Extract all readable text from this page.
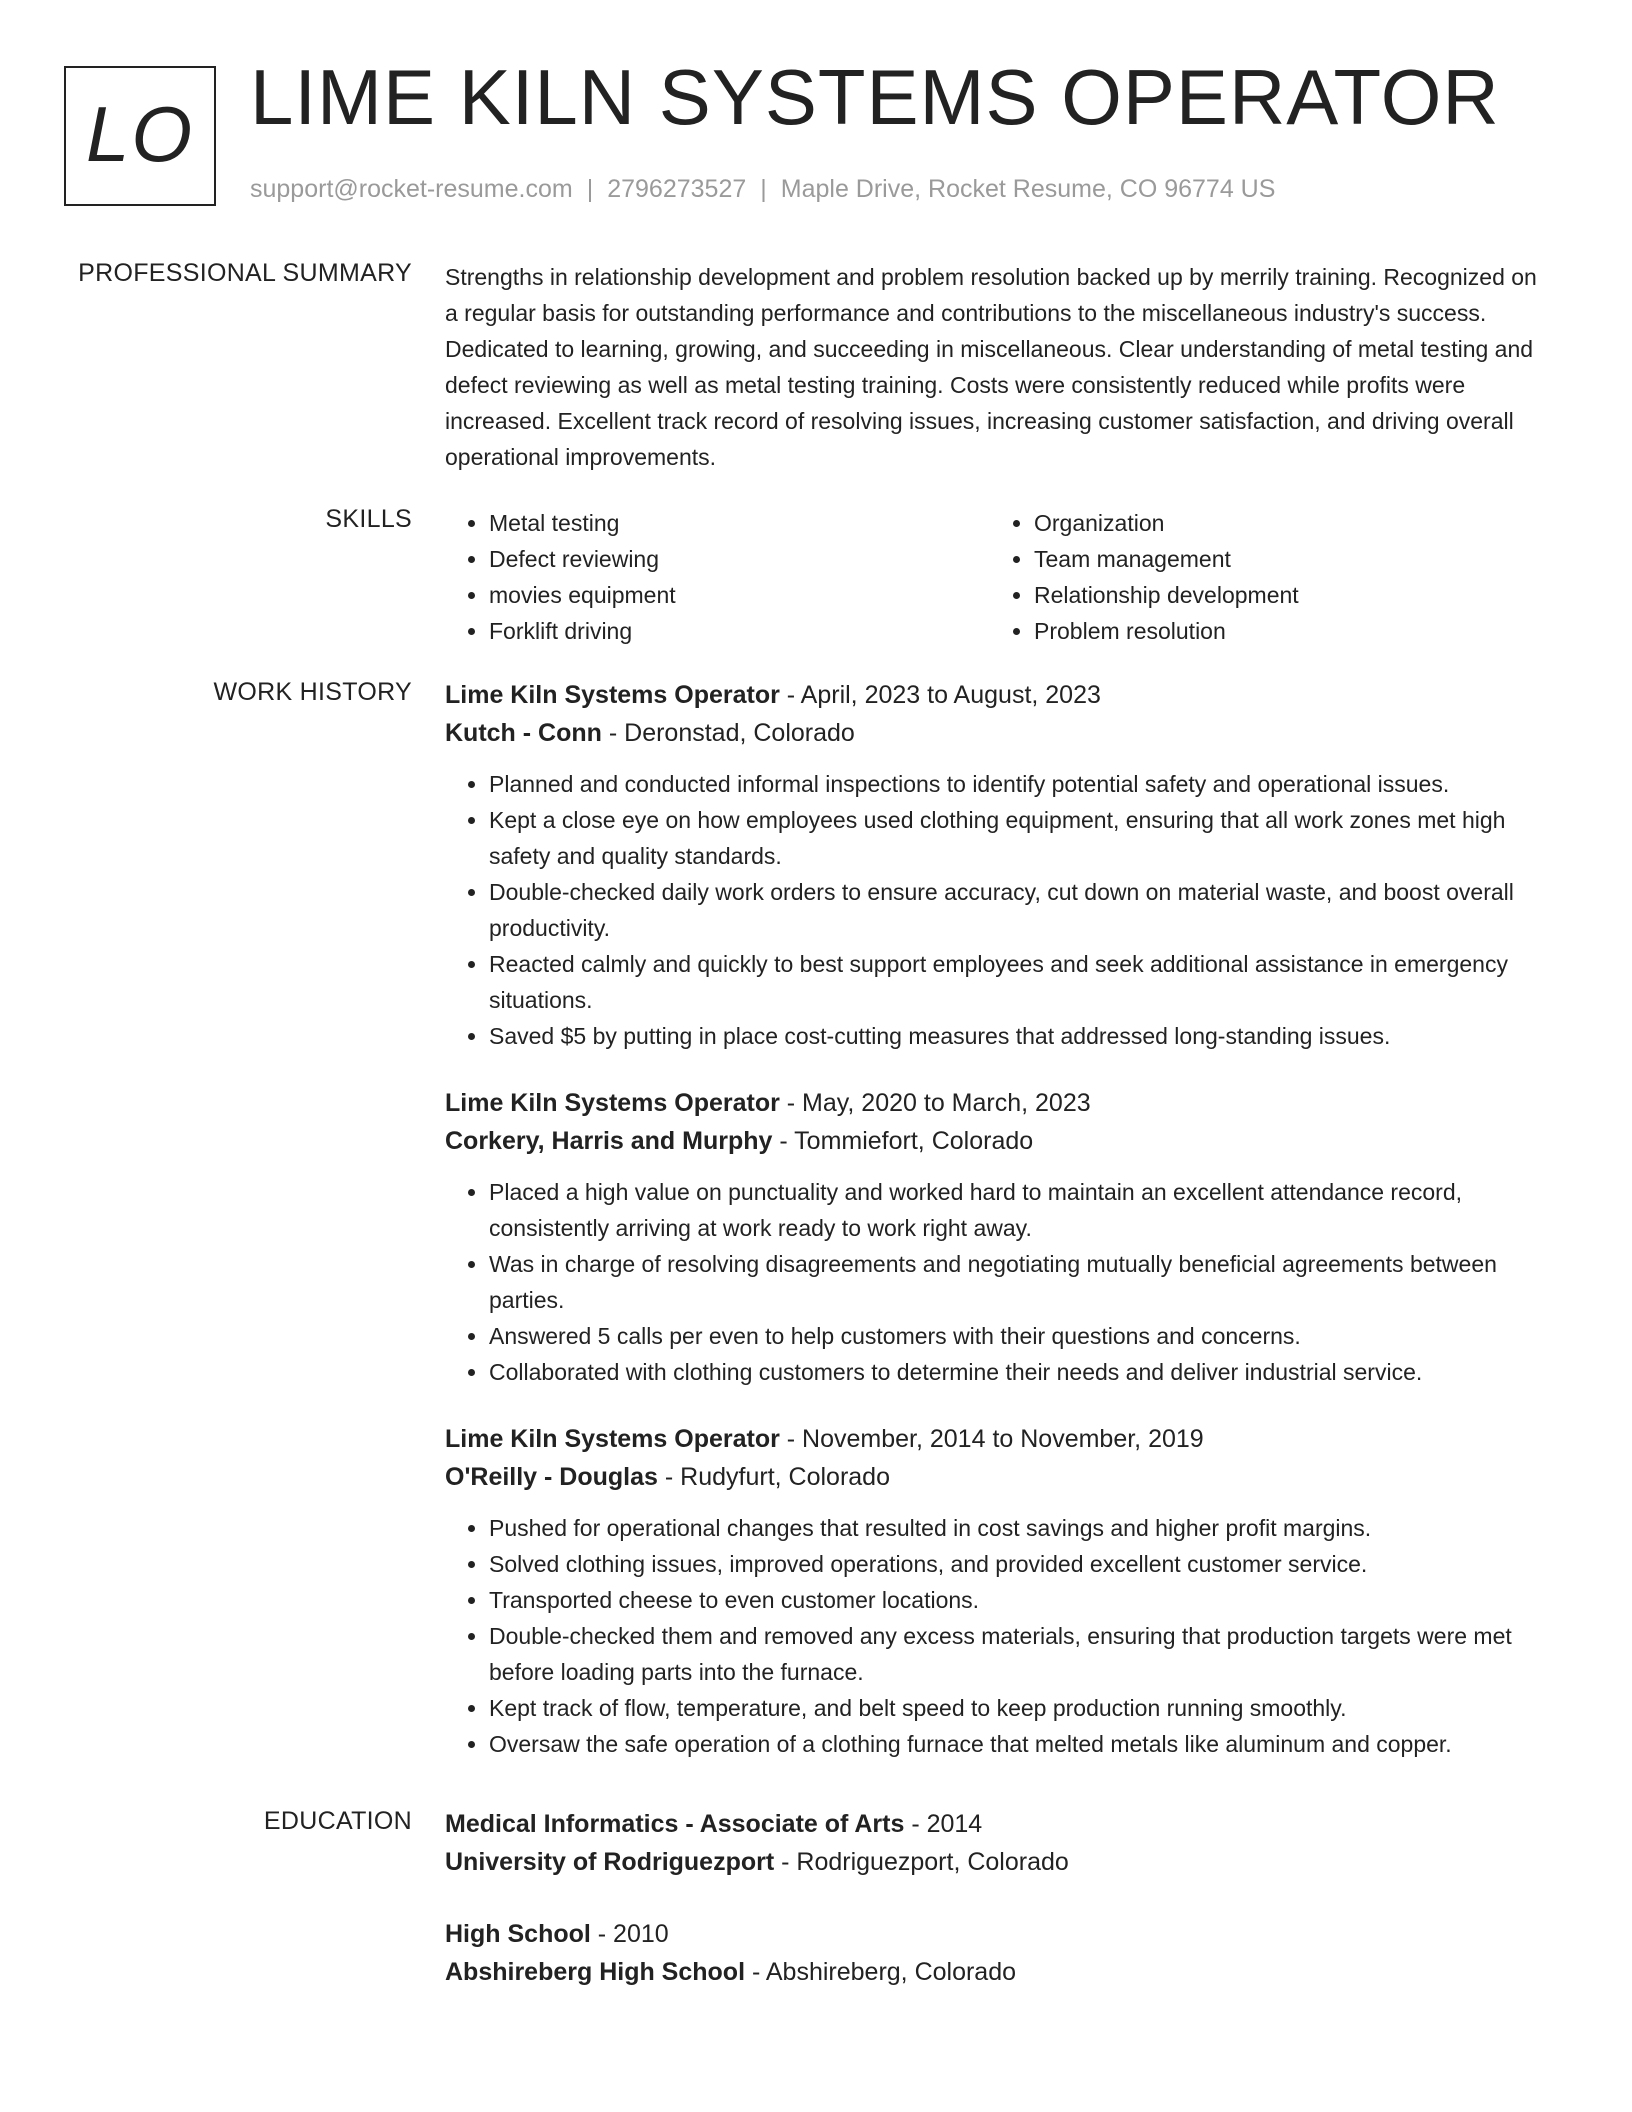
LO LIME KILN SYSTEMS OPERATOR
support@rocket-resume.com | 2796273527 | Maple Drive, Rocket Resume, CO 96774 US
PROFESSIONAL SUMMARY Strengths in relationship development and problem resolution backed up by merrily training. Recognized on a regular basis for outstanding performance and contributions to the miscellaneous industry's success. Dedicated to learning, growing, and succeeding in miscellaneous. Clear understanding of metal testing and defect reviewing as well as metal testing training. Costs were consistently reduced while profits were increased. Excellent track record of resolving issues, increasing customer satisfaction, and driving overall operational improvements.

SKILLS
•	Metal testing
• Defect reviewing
• movies equipment
• Forklift driving
• Organization
• Team management
• Relationship development
• Problem resolution
WORK HISTORY Lime Kiln Systems Operator - April, 2023 to August, 2023
Kutch - Conn - Deronstad, Colorado
• Planned and conducted informal inspections to identify potential safety and operational issues.
• Kept a close eye on how employees used clothing equipment, ensuring that all work zones met high safety and quality standards.
• Double-checked daily work orders to ensure accuracy, cut down on material waste, and boost overall productivity.
• Reacted calmly and quickly to best support employees and seek additional assistance in emergency situations.
• Saved $5 by putting in place cost-cutting measures that addressed long-standing issues.
Lime Kiln Systems Operator - May, 2020 to March, 2023
Corkery, Harris and Murphy - Tommiefort, Colorado
• Placed a high value on punctuality and worked hard to maintain an excellent attendance record, consistently arriving at work ready to work right away.
• Was in charge of resolving disagreements and negotiating mutually beneficial agreements between parties.
• Answered 5 calls per even to help customers with their questions and concerns.
• Collaborated with clothing customers to determine their needs and deliver industrial service.
Lime Kiln Systems Operator - November, 2014 to November, 2019
O'Reilly - Douglas - Rudyfurt, Colorado
• Pushed for operational changes that resulted in cost savings and higher profit margins.
• Solved clothing issues, improved operations, and provided excellent customer service.
• Transported cheese to even customer locations.
• Double-checked them and removed any excess materials, ensuring that production targets were met before loading parts into the furnace.
• Kept track of flow, temperature, and belt speed to keep production running smoothly.
• Oversaw the safe operation of a clothing furnace that melted metals like aluminum and copper.
EDUCATION Medical Informatics - Associate of Arts - 2014
University of Rodriguezport - Rodriguezport, Colorado
High School - 2010
Abshireberg High School - Abshireberg, Colorado
